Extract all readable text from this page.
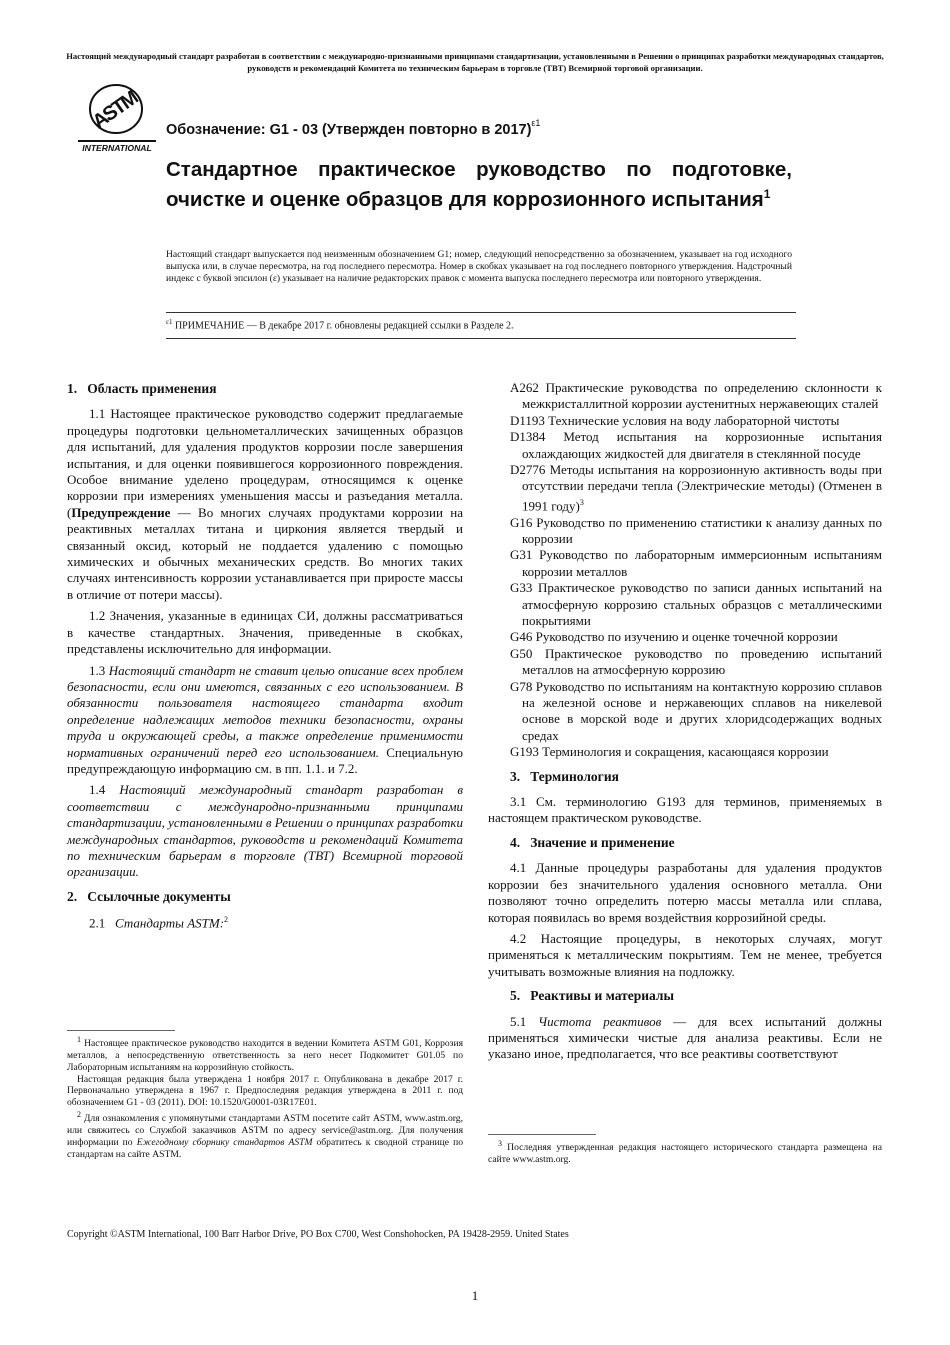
Настоящий международный стандарт разработан в соответствии с международно-признанными принципами стандартизации, установленными в Решении о принципах разработки международных стандартов, руководств и рекомендаций Комитета по техническим барьерам в торговле (ТВТ) Всемирной торговой организации.
ASTM
INTERNATIONAL
Обозначение: G1 - 03 (Утвержден повторно в 2017)$^{\varepsilon 1}$
Стандартное практическое руководство по подготовке, очистке и оценке образцов для коррозионного испытания$^1$
Настоящий стандарт выпускается под неизменным обозначением G1; номер, следующий непосредственно за обозначением, указывает на год исходного выпуска или, в случае пересмотра, на год последнего пересмотра. Номер в скобках указывает на год последнего повторного утверждения. Надстрочный индекс с буквой эпсилон (ε) указывает на наличие редакторских правок с момента выпуска последнего пересмотра или повторного утверждения.
$^{\varepsilon 1}$ ПРИМЕЧАНИЕ — В декабре 2017 г. обновлены редакцией ссылки в Разделе 2.

1.   Область применения

1.1 Настоящее практическое руководство содержит предлагаемые процедуры подготовки цельнометаллических зачищенных образцов для испытаний, для удаления продуктов коррозии после завершения испытания, и для оценки появившегося коррозионного повреждения. Особое внимание уделено процедурам, относящимся к оценке коррозии при измерениях уменьшения массы и разъедания металла. (Предупреждение — Во многих случаях продуктами коррозии на реактивных металлах титана и циркония является твердый и связанный оксид, который не поддается удалению с помощью химических и обычных механических средств. Во многих таких случаях интенсивность коррозии устанавливается при приросте массы в отличие от потери массы).

1.2 Значения, указанные в единицах СИ, должны рассматриваться в качестве стандартных. Значения, приведенные в скобках, представлены исключительно для информации.

1.3 Настоящий стандарт не ставит целью описание всех проблем безопасности, если они имеются, связанных с его использованием. В обязанности пользователя настоящего стандарта входит определение надлежащих методов техники безопасности, охраны труда и окружающей среды, а также определение применимости нормативных ограничений перед его использованием. Специальную предупреждающую информацию см. в пп. 1.1. и 7.2.

1.4 Настоящий международный стандарт разработан в соответствии с международно-признанными принципами стандартизации, установленными в Решении о принципах разработки международных стандартов, руководств и рекомендаций Комитета по техническим барьерам в торговле (ТВТ) Всемирной торговой организации.

2.   Ссылочные документы

2.1   Стандарты ASTM:$^2$

$^1$ Настоящее практическое руководство находится в ведении Комитета ASTM G01, Коррозия металлов, а непосредственную ответственность за него несет Подкомитет G01.05 по Лабораторным испытаниям на коррозийную стойкость.

Настоящая редакция была утверждена 1 ноября 2017 г. Опубликована в декабре 2017 г. Первоначально утверждена в 1967 г. Предпоследняя редакция утверждена в 2011 г. под обозначением G1 - 03 (2011). DOI: 10.1520/G0001-03R17E01.

$^2$ Для ознакомления с упомянутыми стандартами ASTM посетите сайт ASTM, www.astm.org, или свяжитесь со Службой заказчиков ASTM по адресу service@astm.org. Для получения информации по Ежегодному сборнику стандартов ASTM обратитесь к сводной странице по стандартам на сайте ASTM.

A262 Практические руководства по определению склонности к межкристаллитной коррозии аустенитных нержавеющих сталей

D1193 Технические условия на воду лабораторной чистоты

D1384 Метод испытания на коррозионные испытания охлаждающих жидкостей для двигателя в стеклянной посуде

D2776 Методы испытания на коррозионную активность воды при отсутствии передачи тепла (Электрические методы) (Отменен в 1991 году)$^3$

G16 Руководство по применению статистики к анализу данных по коррозии

G31 Руководство по лабораторным иммерсионным испытаниям коррозии металлов

G33 Практическое руководство по записи данных испытаний на атмосферную коррозию стальных образцов с металлическими покрытиями

G46 Руководство по изучению и оценке точечной коррозии

G50 Практическое руководство по проведению испытаний металлов на атмосферную коррозию

G78 Руководство по испытаниям на контактную коррозию сплавов на железной основе и нержавеющих сплавов на никелевой основе в морской воде и других хлоридсодержащих водных средах

G193 Терминология и сокращения, касающаяся коррозии

3.   Терминология

3.1 См. терминологию G193 для терминов, применяемых в настоящем практическом руководстве.

4.   Значение и применение

4.1 Данные процедуры разработаны для удаления продуктов коррозии без значительного удаления основного металла. Они позволяют точно определить потерю массы металла или сплава, которая появилась во время воздействия коррозийной среды.

4.2 Настоящие процедуры, в некоторых случаях, могут применяться к металлическим покрытиям. Тем не менее, требуется учитывать возможные влияния на подложку.

5.   Реактивы и материалы

5.1 Чистота реактивов — для всех испытаний должны применяться химически чистые для анализа реактивы. Если не указано иное, предполагается, что все реактивы соответствуют

$^3$ Последняя утвержденная редакция настоящего исторического стандарта размещена на сайте www.astm.org.

Copyright ©ASTM International, 100 Barr Harbor Drive, PO Box C700, West Conshohocken, PA 19428-2959. United States
1
